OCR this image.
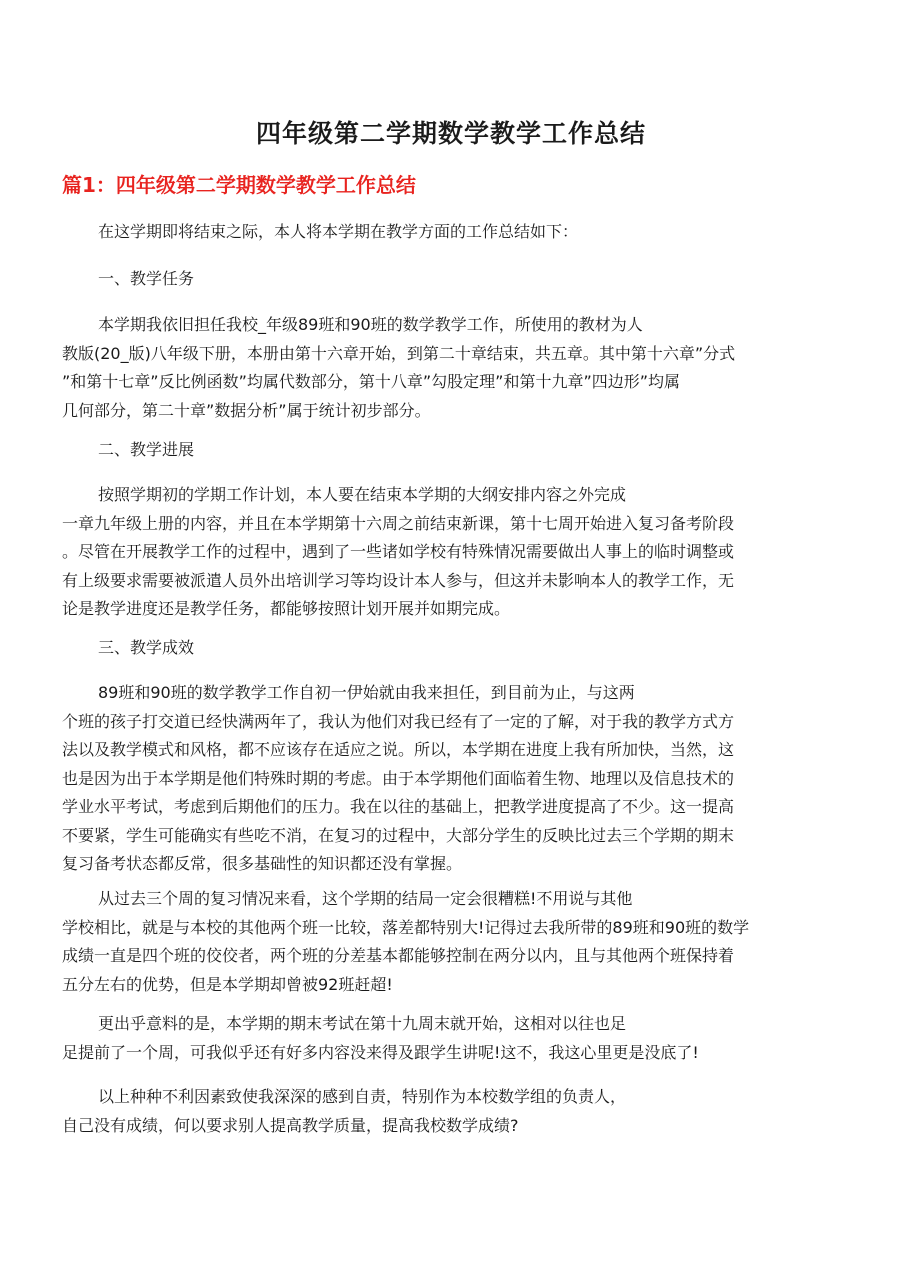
四年级第二学期数学教学工作总结
篇1：四年级第二学期数学教学工作总结

在这学期即将结束之际，本人将本学期在教学方面的工作总结如下：

一、教学任务

本学期我依旧担任我校_年级89班和90班的数学教学工作，所使用的教材为人
教版(20_版)八年级下册，本册由第十六章开始，到第二十章结束，共五章。其中第十六章”分式
”和第十七章”反比例函数”均属代数部分，第十八章”勾股定理”和第十九章”四边形”均属
几何部分，第二十章”数据分析”属于统计初步部分。

二、教学进展

按照学期初的学期工作计划，本人要在结束本学期的大纲安排内容之外完成
一章九年级上册的内容，并且在本学期第十六周之前结束新课，第十七周开始进入复习备考阶段
。尽管在开展教学工作的过程中，遇到了一些诸如学校有特殊情况需要做出人事上的临时调整或
有上级要求需要被派遣人员外出培训学习等均设计本人参与，但这并未影响本人的教学工作，无
论是教学进度还是教学任务，都能够按照计划开展并如期完成。

三、教学成效

89班和90班的数学教学工作自初一伊始就由我来担任，到目前为止，与这两
个班的孩子打交道已经快满两年了，我认为他们对我已经有了一定的了解，对于我的教学方式方
法以及教学模式和风格，都不应该存在适应之说。所以，本学期在进度上我有所加快，当然，这
也是因为出于本学期是他们特殊时期的考虑。由于本学期他们面临着生物、地理以及信息技术的
学业水平考试，考虑到后期他们的压力。我在以往的基础上，把教学进度提高了不少。这一提高
不要紧，学生可能确实有些吃不消，在复习的过程中，大部分学生的反映比过去三个学期的期末
复习备考状态都反常，很多基础性的知识都还没有掌握。

从过去三个周的复习情况来看，这个学期的结局一定会很糟糕!不用说与其他
学校相比，就是与本校的其他两个班一比较，落差都特别大!记得过去我所带的89班和90班的数学
成绩一直是四个班的佼佼者，两个班的分差基本都能够控制在两分以内，且与其他两个班保持着
五分左右的优势，但是本学期却曾被92班赶超!

更出乎意料的是，本学期的期末考试在第十九周末就开始，这相对以往也足
足提前了一个周，可我似乎还有好多内容没来得及跟学生讲呢!这不，我这心里更是没底了!

以上种种不利因素致使我深深的感到自责，特别作为本校数学组的负责人，
自己没有成绩，何以要求别人提高教学质量，提高我校数学成绩?
